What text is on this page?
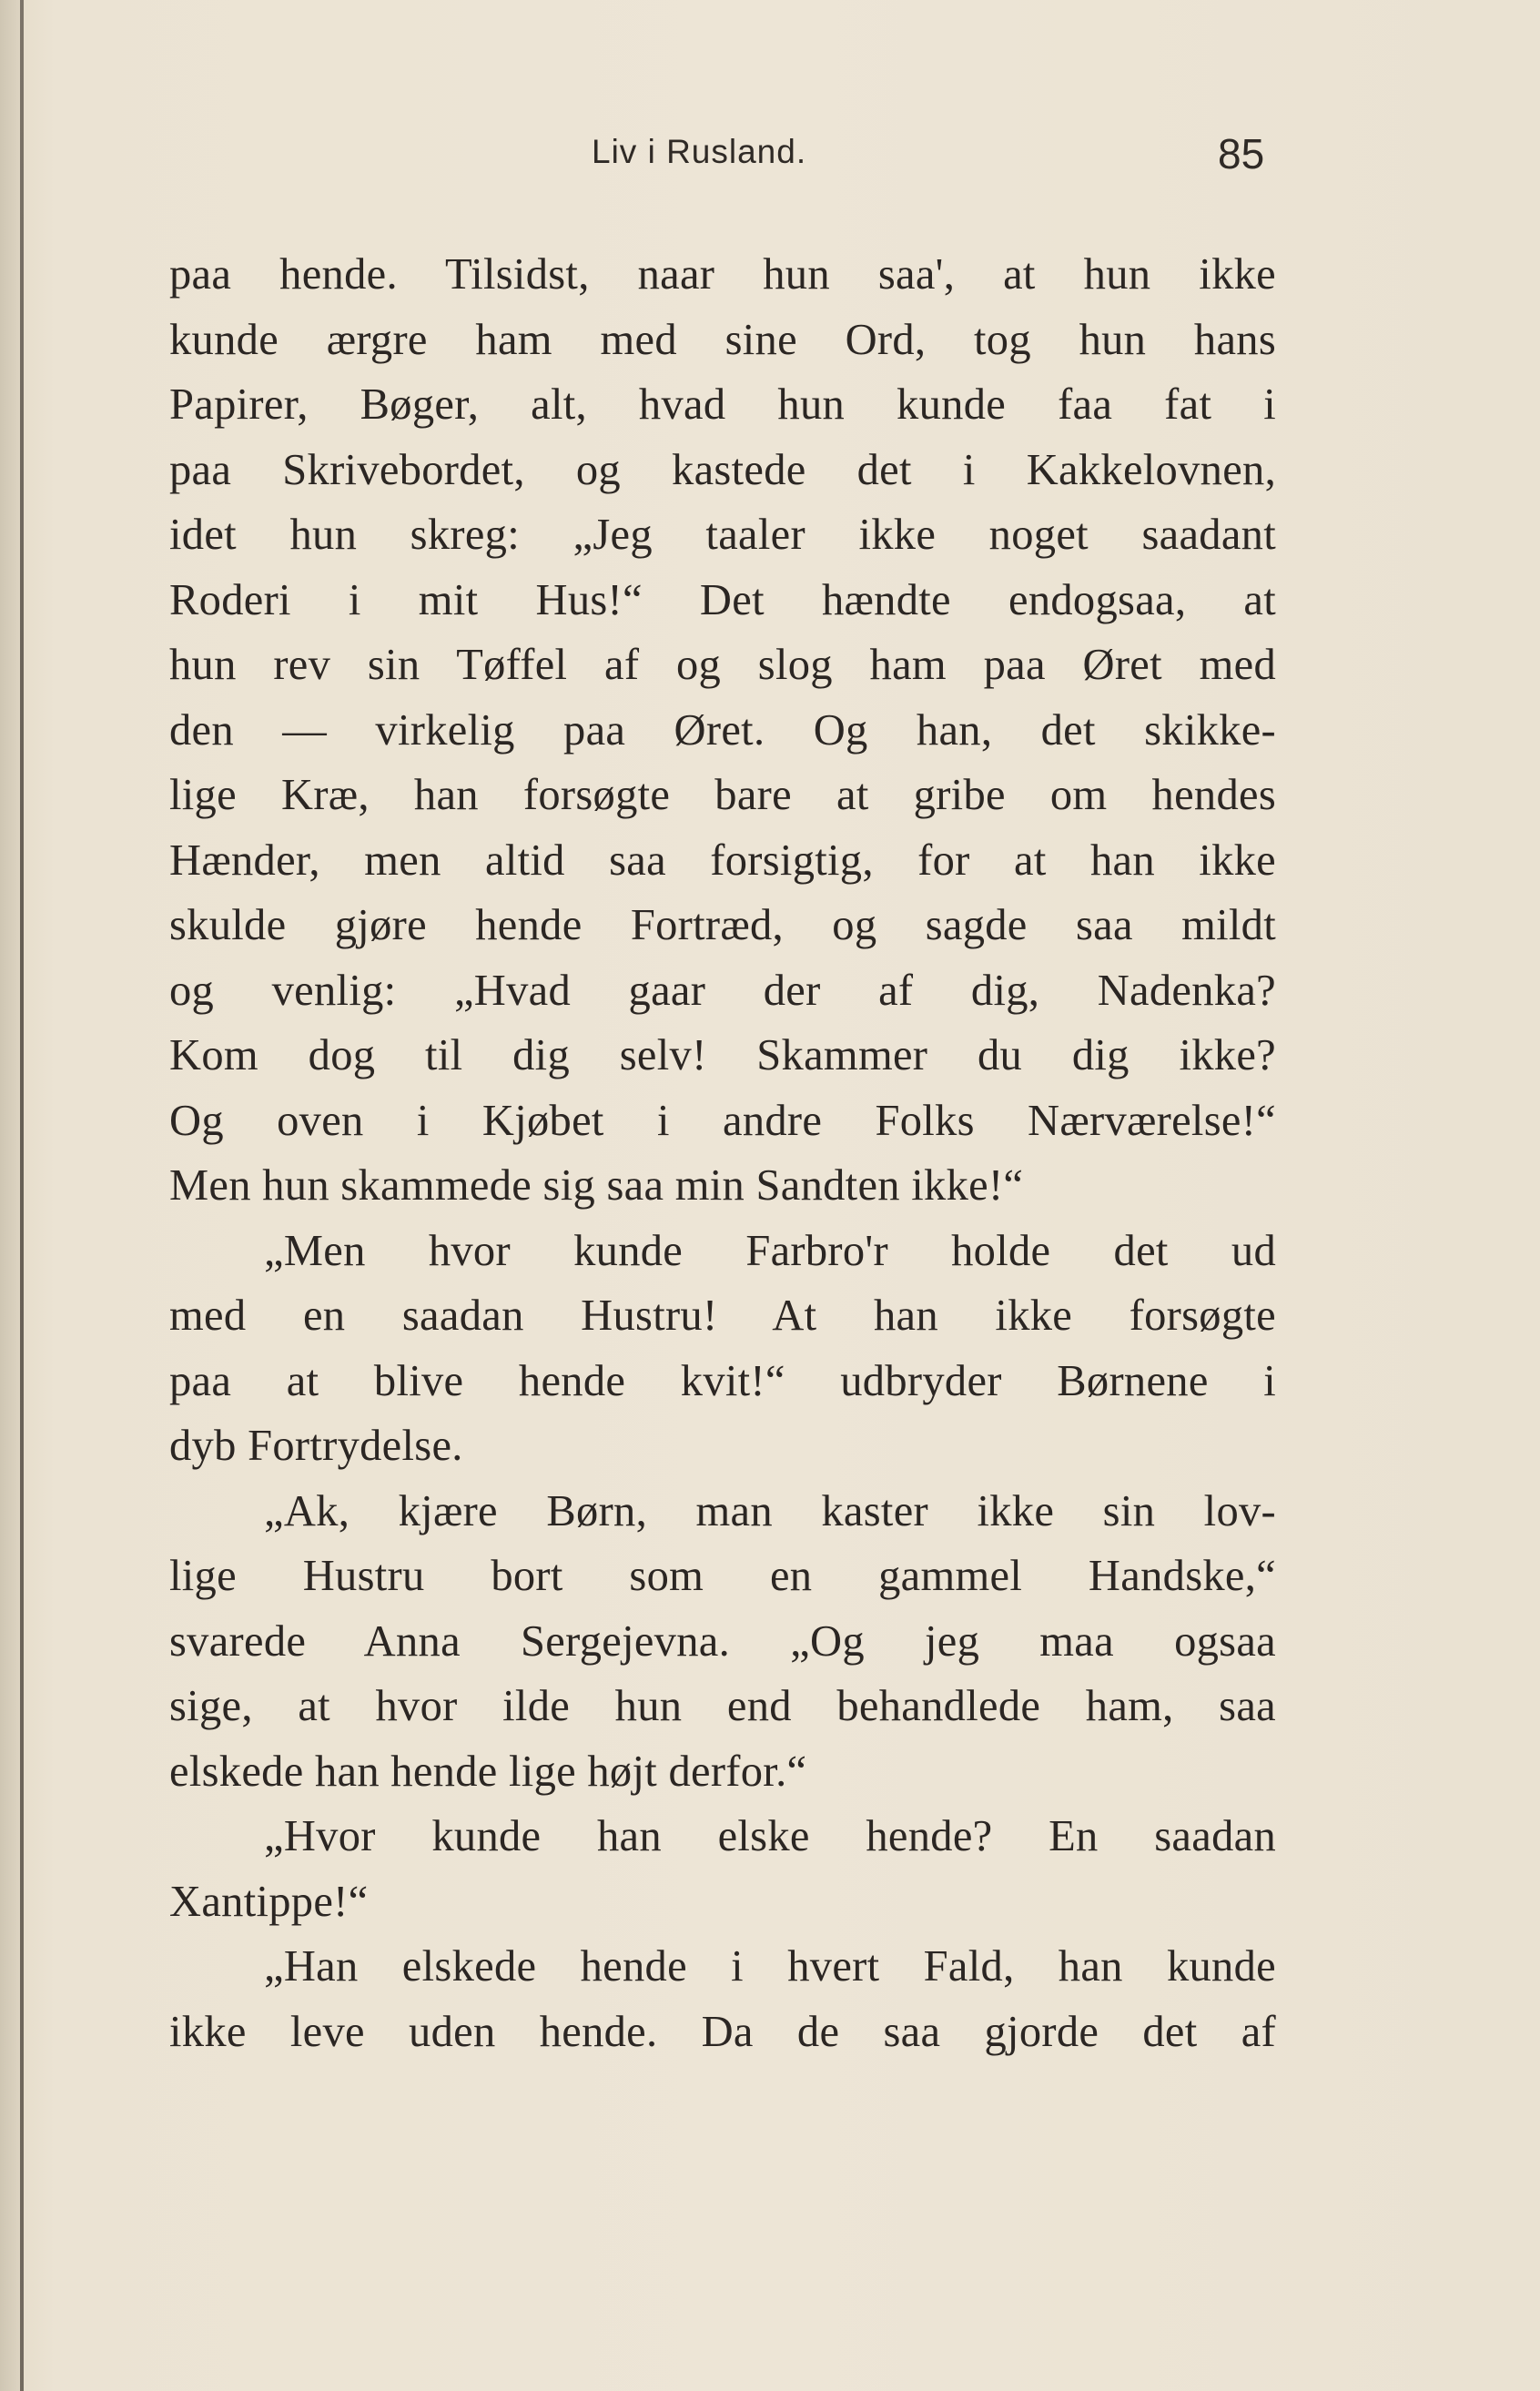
Liv i Rusland.	85
paa hende. Tilsidst, naar hun saa', at hun ikke
kunde ærgre ham med sine Ord, tog hun hans
Papirer, Bøger, alt, hvad hun kunde faa fat i
paa Skrivebordet, og kastede det i Kakkelovnen,
idet hun skreg: „Jeg taaler ikke noget saadant
Roderi i mit Hus!“ Det hændte endogsaa, at
hun rev sin Tøffel af og slog ham paa Øret med
den — virkelig paa Øret. Og han, det skikke-
lige Kræ, han forsøgte bare at gribe om hendes
Hænder, men altid saa forsigtig, for at han ikke
skulde gjøre hende Fortræd, og sagde saa mildt
og venlig: „Hvad gaar der af dig, Nadenka?
Kom dog til dig selv! Skammer du dig ikke?
Og oven i Kjøbet i andre Folks Nærværelse!“
Men hun skammede sig saa min Sandten ikke!“
„Men hvor kunde Farbro'r holde det ud
med en saadan Hustru! At han ikke forsøgte
paa at blive hende kvit!“ udbryder Børnene i
dyb Fortrydelse.
„Ak, kjære Børn, man kaster ikke sin lov-
lige Hustru bort som en gammel Handske,“
svarede Anna Sergejevna. „Og jeg maa ogsaa
sige, at hvor ilde hun end behandlede ham, saa
elskede han hende lige højt derfor.“
„Hvor kunde han elske hende? En saadan
Xantippe!“
„Han elskede hende i hvert Fald, han kunde
ikke leve uden hende. Da de saa gjorde det af
